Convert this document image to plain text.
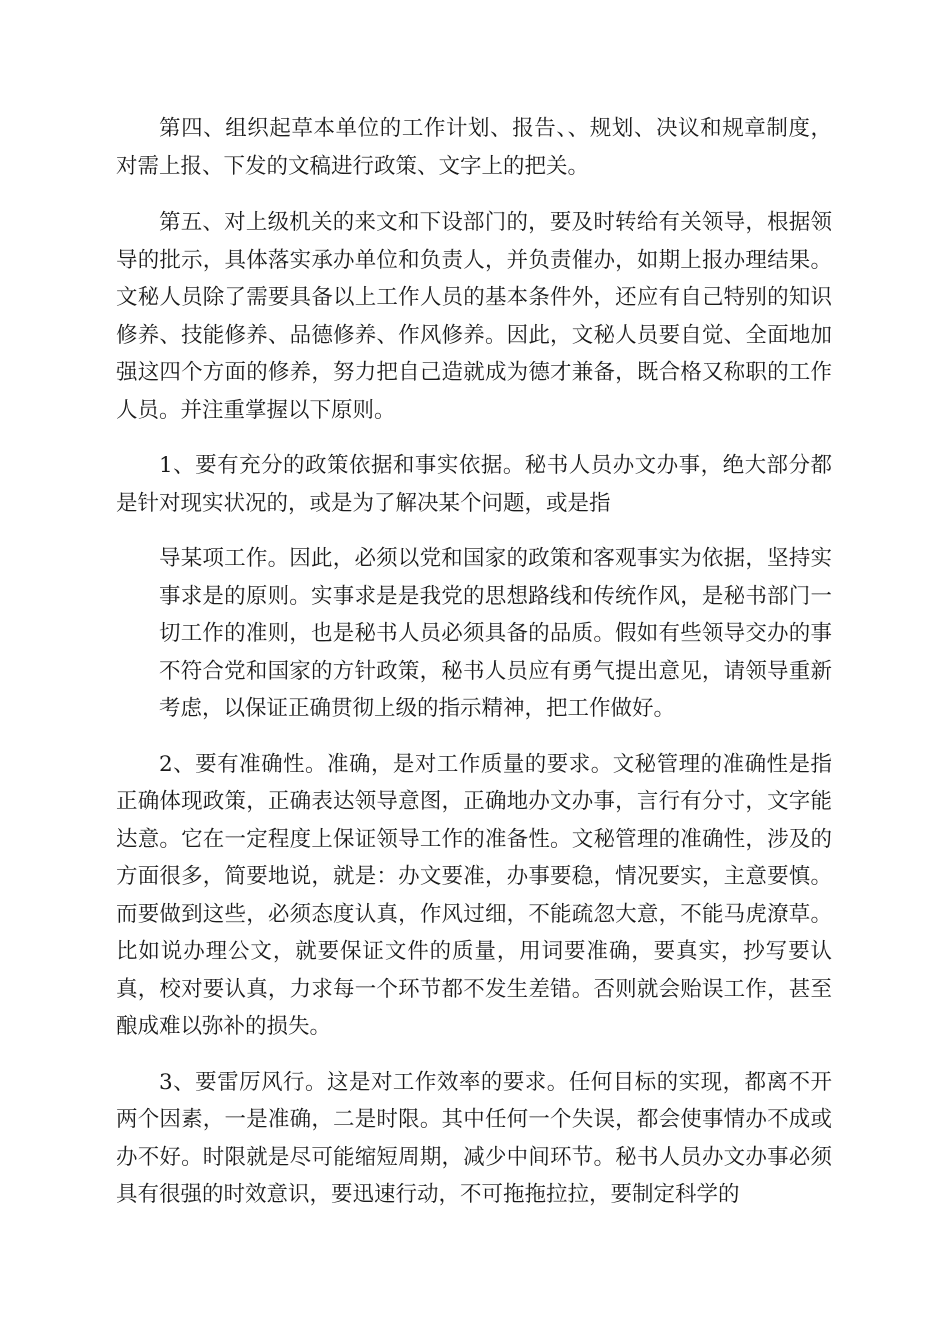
第四、组织起草本单位的工作计划、报告、、规划、决议和规章制度，对需上报、下发的文稿进行政策、文字上的把关。

第五、对上级机关的来文和下设部门的，要及时转给有关领导，根据领导的批示，具体落实承办单位和负责人，并负责催办，如期上报办理结果。文秘人员除了需要具备以上工作人员的基本条件外，还应有自己特别的知识修养、技能修养、品德修养、作风修养。因此，文秘人员要自觉、全面地加强这四个方面的修养，努力把自己造就成为德才兼备，既合格又称职的工作人员。并注重掌握以下原则。

1、要有充分的政策依据和事实依据。秘书人员办文办事，绝大部分都是针对现实状况的，或是为了解决某个问题，或是指

导某项工作。因此，必须以党和国家的政策和客观事实为依据，坚持实事求是的原则。实事求是是我党的思想路线和传统作风，是秘书部门一切工作的准则，也是秘书人员必须具备的品质。假如有些领导交办的事不符合党和国家的方针政策，秘书人员应有勇气提出意见，请领导重新考虑，以保证正确贯彻上级的指示精神，把工作做好。

2、要有准确性。准确，是对工作质量的要求。文秘管理的准确性是指正确体现政策，正确表达领导意图，正确地办文办事，言行有分寸，文字能达意。它在一定程度上保证领导工作的准备性。文秘管理的准确性，涉及的方面很多，简要地说，就是：办文要准，办事要稳，情况要实，主意要慎。而要做到这些，必须态度认真，作风过细，不能疏忽大意，不能马虎潦草。比如说办理公文，就要保证文件的质量，用词要准确，要真实，抄写要认真，校对要认真，力求每一个环节都不发生差错。否则就会贻误工作，甚至酿成难以弥补的损失。

3、要雷厉风行。这是对工作效率的要求。任何目标的实现，都离不开两个因素，一是准确，二是时限。其中任何一个失误，都会使事情办不成或办不好。时限就是尽可能缩短周期，减少中间环节。秘书人员办文办事必须具有很强的时效意识，要迅速行动，不可拖拖拉拉，要制定科学的
